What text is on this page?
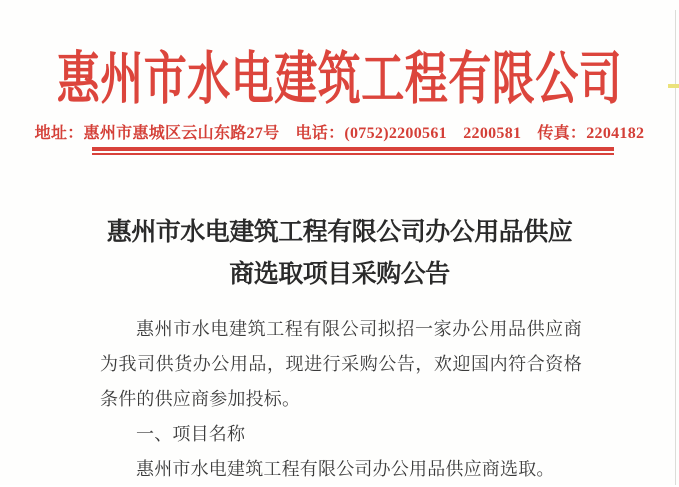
惠州市水电建筑工程有限公司
地址：惠州市惠城区云山东路27号 电话：(0752)2200561　2200581 传真：2204182
惠州市水电建筑工程有限公司办公用品供应
商选取项目采购公告

惠州市水电建筑工程有限公司拟招一家办公用品供应商为我司供货办公用品，现进行采购公告，欢迎国内符合资格条件的供应商参加投标。

一、项目名称

惠州市水电建筑工程有限公司办公用品供应商选取。
